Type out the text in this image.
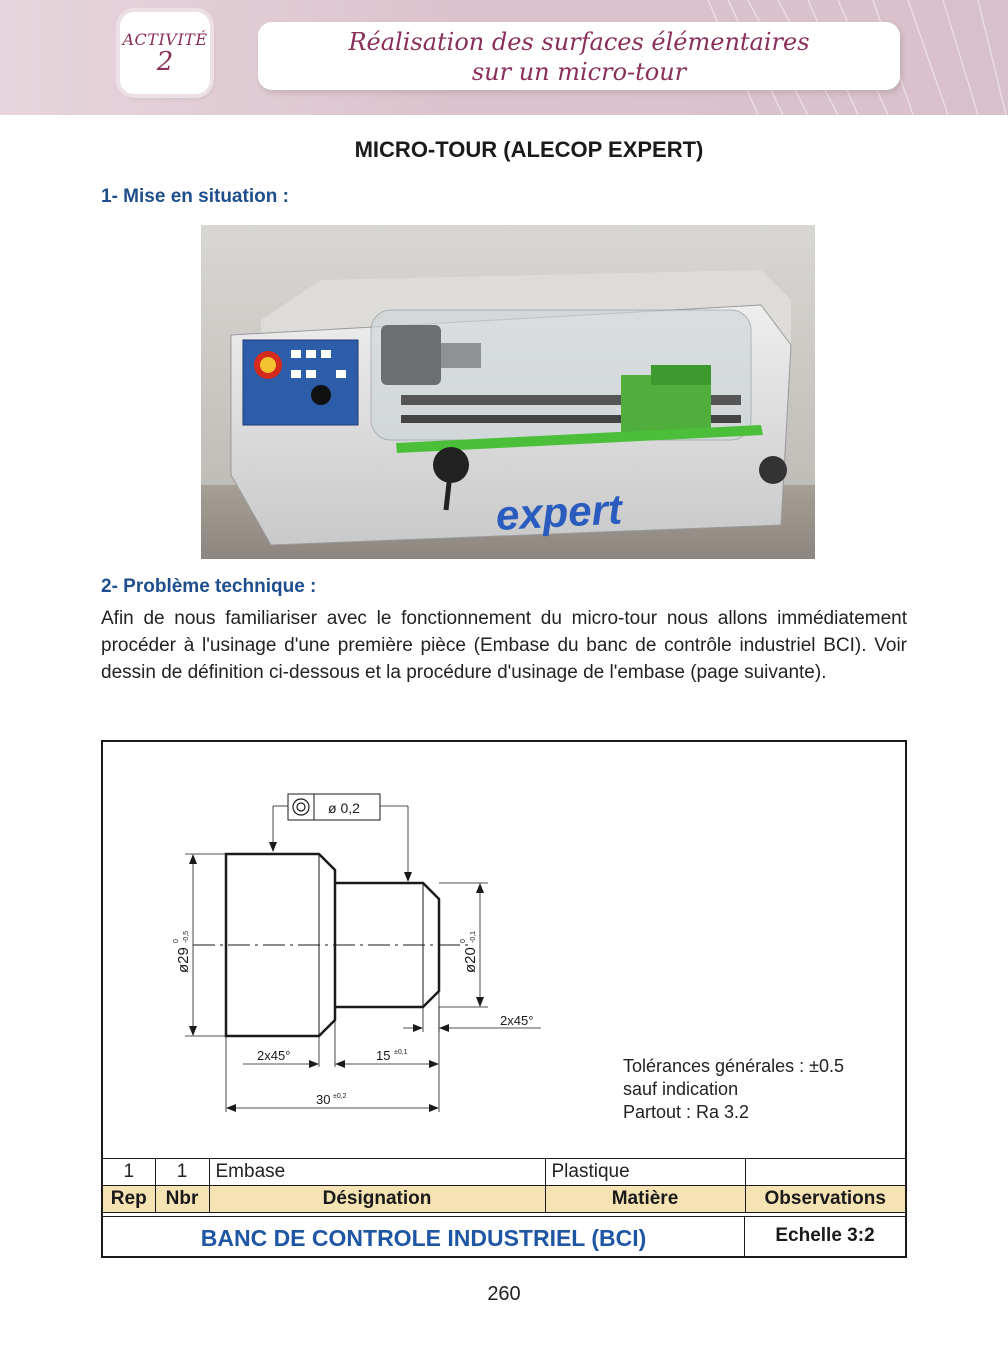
ACTIVITÉ
2
Réalisation des surfaces élémentaires
sur un micro-tour
MICRO-TOUR (ALECOP EXPERT)
1- Mise en situation :
expert
2- Problème technique :
Afin de nous familiariser avec le fonctionnement du micro-tour nous allons immédiatement procéder à l'usinage d'une première pièce (Embase du banc de contrôle industriel BCI). Voir dessin de définition ci-dessous et la procédure d'usinage de l'embase (page suivante).
ø 0,2
ø29
0 -0,5
ø20
0 -0,1
2x45°
2x45°	15 ±0,1
30 ±0,2
Tolérances générales : ±0.5
sauf indication
Partout : Ra 3.2
1	1	Embase	Plastique	
Rep	Nbr	Désignation	Matière	Observations
BANC DE CONTROLE INDUSTRIEL (BCI)	Echelle 3:2
260
